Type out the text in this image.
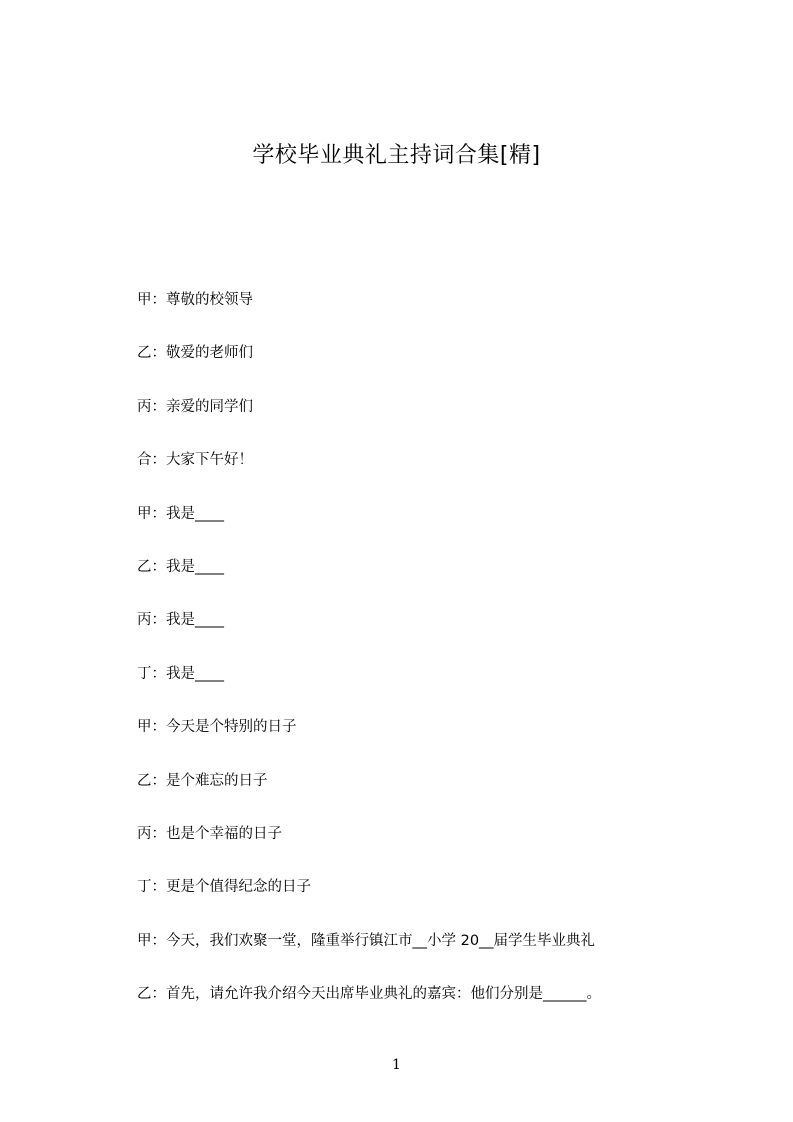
学校毕业典礼主持词合集[精]
甲：尊敬的校领导
乙：敬爱的老师们
丙：亲爱的同学们
合：大家下午好！
甲：我是____
乙：我是____
丙：我是____
丁：我是____
甲：今天是个特别的日子
乙：是个难忘的日子
丙：也是个幸福的日子
丁：更是个值得纪念的日子
甲：今天，我们欢聚一堂，隆重举行镇江市__小学 20__届学生毕业典礼
乙：首先，请允许我介绍今天出席毕业典礼的嘉宾：他们分别是______。
1
